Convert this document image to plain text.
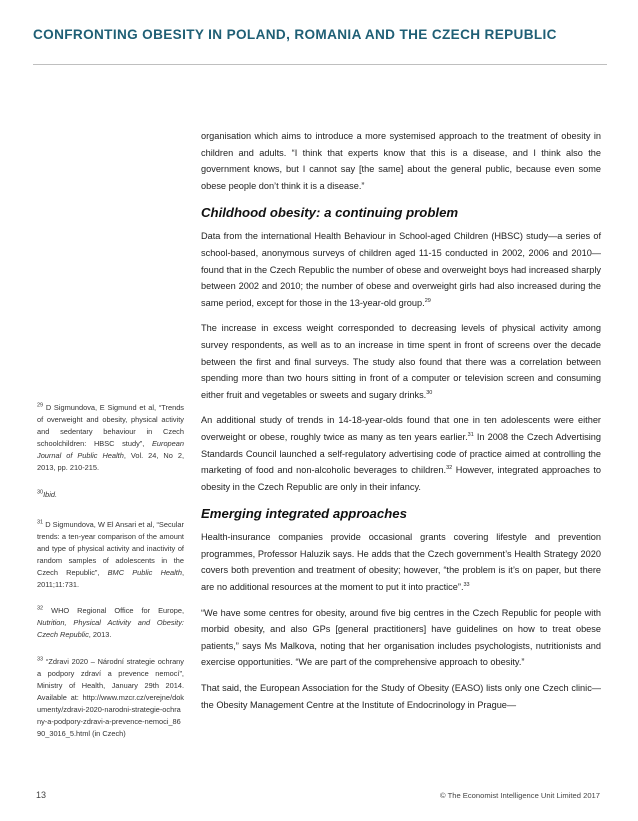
CONFRONTING OBESITY IN POLAND, ROMANIA AND THE CZECH REPUBLIC

organisation which aims to introduce a more systemised approach to the treatment of obesity in children and adults. “I think that experts know that this is a disease, and I think also the government knows, but I cannot say [the same] about the general public, because even some obese people don’t think it is a disease.”

Childhood obesity: a continuing problem

Data from the international Health Behaviour in School-aged Children (HBSC) study—a series of school-based, anonymous surveys of children aged 11-15 conducted in 2002, 2006 and 2010—found that in the Czech Republic the number of obese and overweight boys had increased sharply between 2002 and 2010; the number of obese and overweight girls had also increased during the same period, except for those in the 13-year-old group.$^{29}$

The increase in excess weight corresponded to decreasing levels of physical activity among survey respondents, as well as to an increase in time spent in front of screens over the decade between the first and final surveys. The study also found that there was a correlation between spending more than two hours sitting in front of a computer or television screen and consuming either fruit and vegetables or sweets and sugary drinks.$^{30}$

An additional study of trends in 14-18-year-olds found that one in ten adolescents were either overweight or obese, roughly twice as many as ten years earlier.$^{31}$ In 2008 the Czech Advertising Standards Council launched a self-regulatory advertising code of practice aimed at controlling the marketing of food and non-alcoholic beverages to children.$^{32}$ However, integrated approaches to obesity in the Czech Republic are only in their infancy.

Emerging integrated approaches

Health-insurance companies provide occasional grants covering lifestyle and prevention programmes, Professor Haluzik says. He adds that the Czech government’s Health Strategy 2020 covers both prevention and treatment of obesity; however, “the problem is it’s on paper, but there are no additional resources at the moment to put it into practice”.$^{33}$

“We have some centres for obesity, around five big centres in the Czech Republic for people with morbid obesity, and also GPs [general practitioners] have guidelines on how to treat obese patients,” says Ms Malkova, noting that her organisation includes psychologists, nutritionists and exercise opportunities. “We are part of the comprehensive approach to obesity.”

That said, the European Association for the Study of Obesity (EASO) lists only one Czech clinic—the Obesity Management Centre at the Institute of Endocrinology in Prague—

$^{29}$ D Sigmundova, E Sigmund et al, “Trends of overweight and obesity, physical activity and sedentary behaviour in Czech schoolchildren: HBSC study”, European Journal of Public Health, Vol. 24, No 2, 2013, pp. 210-215.
$^{30}$Ibid.
$^{31}$ D Sigmundova, W El Ansari et al, “Secular trends: a ten-year comparison of the amount and type of physical activity and inactivity of random samples of adolescents in the Czech Republic”, BMC Public Health, 2011;11:731.
$^{32}$ WHO Regional Office for Europe, Nutrition, Physical Activity and Obesity: Czech Republic, 2013.
$^{33}$ “Zdravi 2020 – Národní strategie ochrany a podpory zdraví a prevence nemocí”, Ministry of Health, January 29th 2014. Available at: http://www.mzcr.cz/verejne/dokumenty/zdravi-2020-narodni-strategie-ochrany-a-podpory-zdravi-a-prevence-nemoci_8690_3016_5.html (in Czech)
13	© The Economist Intelligence Unit Limited 2017
